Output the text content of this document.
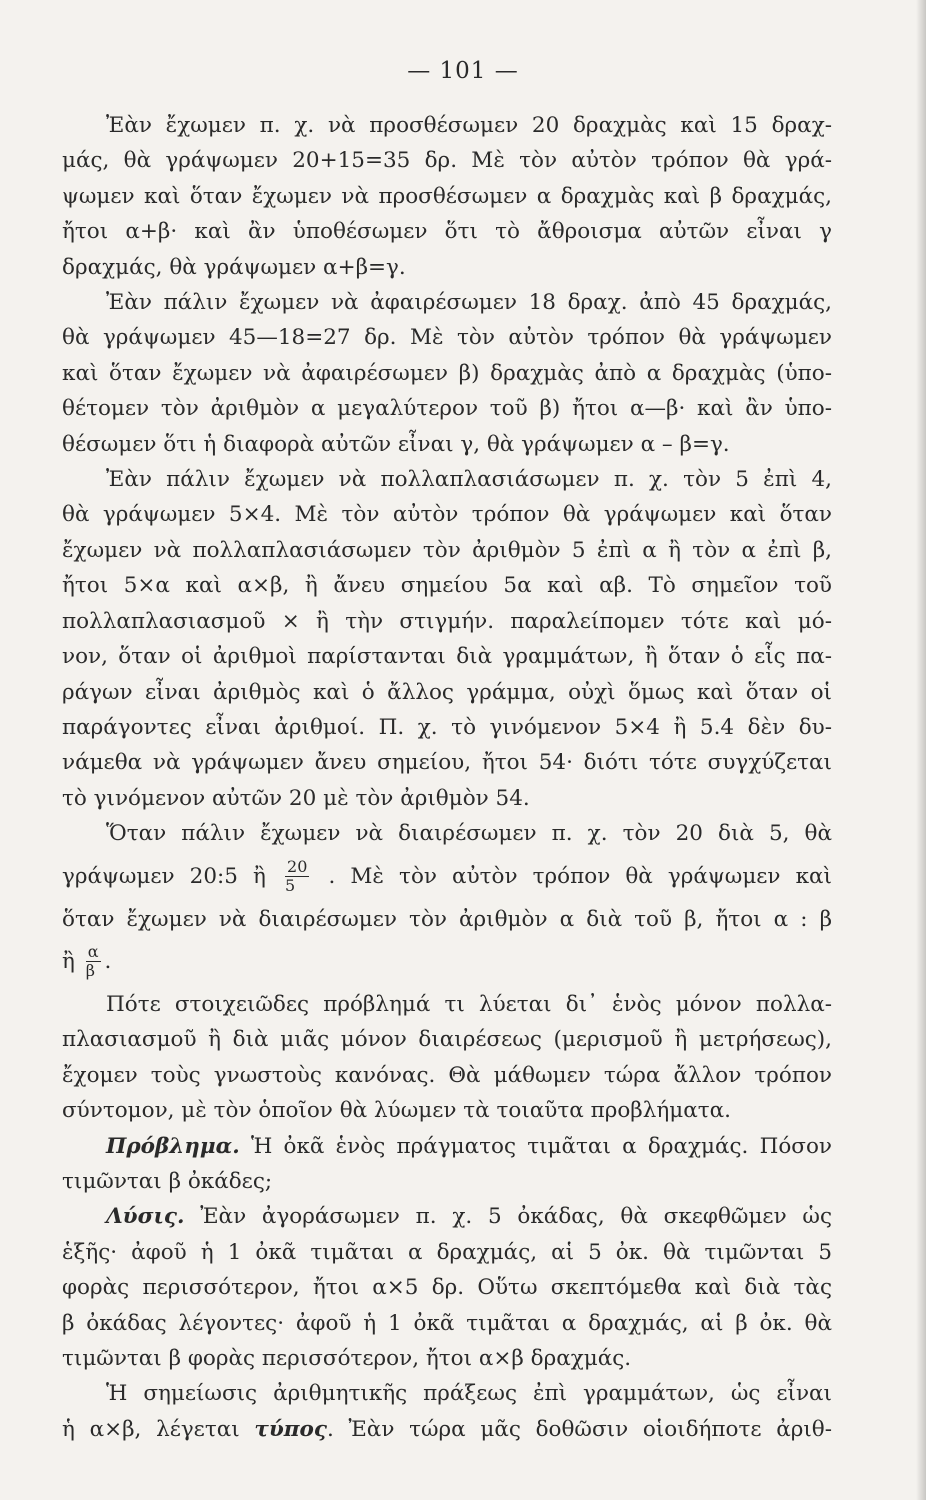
— 101 —
Ἐὰν ἔχωμεν π. χ. νὰ προσθέσωμεν 20 δραχμὰς καὶ 15 δραχ-
μάς, θὰ γράψωμεν 20+15=35 δρ. Μὲ τὸν αὐτὸν τρόπον θὰ γρά-
ψωμεν καὶ ὅταν ἔχωμεν νὰ προσθέσωμεν α δραχμὰς καὶ β δραχμάς,
ἤτοι α+β· καὶ ἂν ὑποθέσωμεν ὅτι τὸ ἄθροισμα αὐτῶν εἶναι γ
δραχμάς, θὰ γράψωμεν α+β=γ.
Ἐὰν πάλιν ἔχωμεν νὰ ἀφαιρέσωμεν 18 δραχ. ἀπὸ 45 δραχμάς,
θὰ γράψωμεν 45—18=27 δρ. Μὲ τὸν αὐτὸν τρόπον θὰ γράψωμεν
καὶ ὅταν ἔχωμεν νὰ ἀφαιρέσωμεν β) δραχμὰς ἀπὸ α δραχμὰς (ὑπο-
θέτομεν τὸν ἀριθμὸν α μεγαλύτερον τοῦ β) ἤτοι α—β· καὶ ἂν ὑπο-
θέσωμεν ὅτι ἡ διαφορὰ αὐτῶν εἶναι γ, θὰ γράψωμεν α – β=γ.
Ἐὰν πάλιν ἔχωμεν νὰ πολλαπλασιάσωμεν π. χ. τὸν 5 ἐπὶ 4,
θὰ γράψωμεν 5×4. Μὲ τὸν αὐτὸν τρόπον θὰ γράψωμεν καὶ ὅταν
ἔχωμεν νὰ πολλαπλασιάσωμεν τὸν ἀριθμὸν 5 ἐπὶ α ἢ τὸν α ἐπὶ β,
ἤτοι 5×α καὶ α×β, ἢ ἄνευ σημείου 5α καὶ αβ. Τὸ σημεῖον τοῦ
πολλαπλασιασμοῦ × ἢ τὴν στιγμήν. παραλείπομεν τότε καὶ μό-
νον, ὅταν οἱ ἀριθμοὶ παρίστανται διὰ γραμμάτων, ἢ ὅταν ὁ εἷς πα-
ράγων εἶναι ἀριθμὸς καὶ ὁ ἄλλος γράμμα, οὐχὶ ὅμως καὶ ὅταν οἱ
παράγοντες εἶναι ἀριθμοί. Π. χ. τὸ γινόμενον 5×4 ἢ 5.4 δὲν δυ-
νάμεθα νὰ γράψωμεν ἄνευ σημείου, ἤτοι 54· διότι τότε συγχύζεται
τὸ γινόμενον αὐτῶν 20 μὲ τὸν ἀριθμὸν 54.
Ὅταν πάλιν ἔχωμεν νὰ διαιρέσωμεν π. χ. τὸν 20 διὰ 5, θὰ
γράψωμεν 20:5 ἢ $\frac{20}{5}$ . Μὲ τὸν αὐτὸν τρόπον θὰ γράψωμεν καὶ
ὅταν ἔχωμεν νὰ διαιρέσωμεν τὸν ἀριθμὸν α διὰ τοῦ β, ἤτοι α : β
ἢ $\frac{\alpha}{\beta}$ .
Πότε στοιχειῶδες πρόβλημά τι λύεται δι᾽ ἑνὸς μόνον πολλα-
πλασιασμοῦ ἢ διὰ μιᾶς μόνον διαιρέσεως (μερισμοῦ ἢ μετρήσεως),
ἔχομεν τοὺς γνωστοὺς κανόνας. Θὰ μάθωμεν τώρα ἄλλον τρόπον
σύντομον, μὲ τὸν ὁποῖον θὰ λύωμεν τὰ τοιαῦτα προβλήματα.
Πρόβλημα. Ἡ ὀκᾶ ἑνὸς πράγματος τιμᾶται α δραχμάς. Πόσον
τιμῶνται β ὀκάδες;
Λύσις. Ἐὰν ἀγοράσωμεν π. χ. 5 ὀκάδας, θὰ σκεφθῶμεν ὡς
ἑξῆς· ἀφοῦ ἡ 1 ὀκᾶ τιμᾶται α δραχμάς, αἱ 5 ὀκ. θὰ τιμῶνται 5
φορὰς περισσότερον, ἤτοι α×5 δρ. Οὕτω σκεπτόμεθα καὶ διὰ τὰς
β ὀκάδας λέγοντες· ἀφοῦ ἡ 1 ὀκᾶ τιμᾶται α δραχμάς, αἱ β ὀκ. θὰ
τιμῶνται β φορὰς περισσότερον, ἤτοι α×β δραχμάς.
Ἡ σημείωσις ἀριθμητικῆς πράξεως ἐπὶ γραμμάτων, ὡς εἶναι
ἡ α×β, λέγεται τύπος. Ἐὰν τώρα μᾶς δοθῶσιν οἱοιδήποτε ἀριθ-
